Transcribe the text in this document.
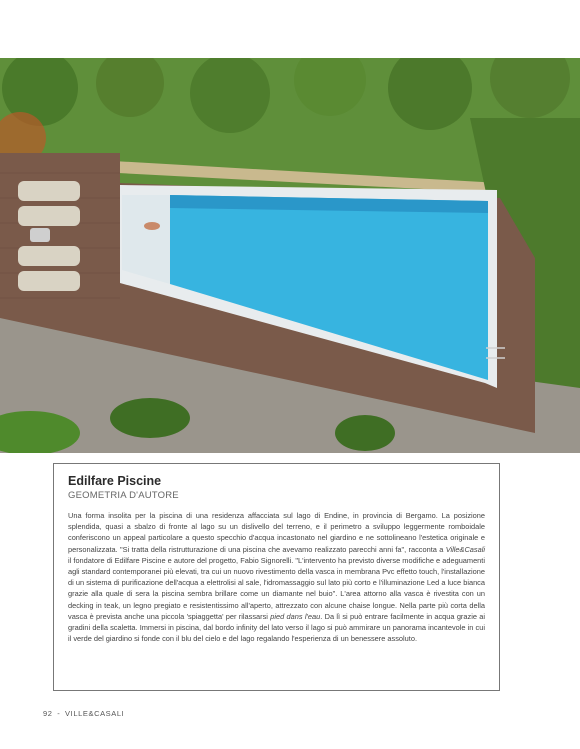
Edilfare Piscine
GEOMETRIA D'AUTORE

Una forma insolita per la piscina di una residenza affacciata sul lago di Endine, in provincia di Bergamo. La posizione splendida, quasi a sbalzo di fronte al lago su un dislivello del terreno, e il perimetro a sviluppo leggermente romboidale conferiscono un appeal particolare a questo specchio d'acqua incastonato nel giardino e ne sottolineano l'estetica originale e personalizzata. "Si tratta della ristrutturazione di una piscina che avevamo realizzato parecchi anni fa", racconta a Ville&Casali il fondatore di Edilfare Piscine e autore del progetto, Fabio Signorelli. "L'intervento ha previsto diverse modifiche e adeguamenti agli standard contemporanei più elevati, tra cui un nuovo rivestimento della vasca in membrana Pvc effetto touch, l'installazione di un sistema di purificazione dell'acqua a elettrolisi al sale, l'idromassaggio sul lato più corto e l'illuminazione Led a luce bianca grazie alla quale di sera la piscina sembra brillare come un diamante nel buio". L'area attorno alla vasca è rivestita con un decking in teak, un legno pregiato e resistentissimo all'aperto, attrezzato con alcune chaise longue. Nella parte più corta della vasca è prevista anche una piccola 'spiaggetta' per rilassarsi pied dans l'eau. Da lì si può entrare facilmente in acqua grazie ai gradini della scaletta. Immersi in piscina, dal bordo infinity del lato verso il lago si può ammirare un panorama incantevole in cui il verde del giardino si fonde con il blu del cielo e del lago regalando l'esperienza di un benessere assoluto.

92 - VILLE&CASALI
